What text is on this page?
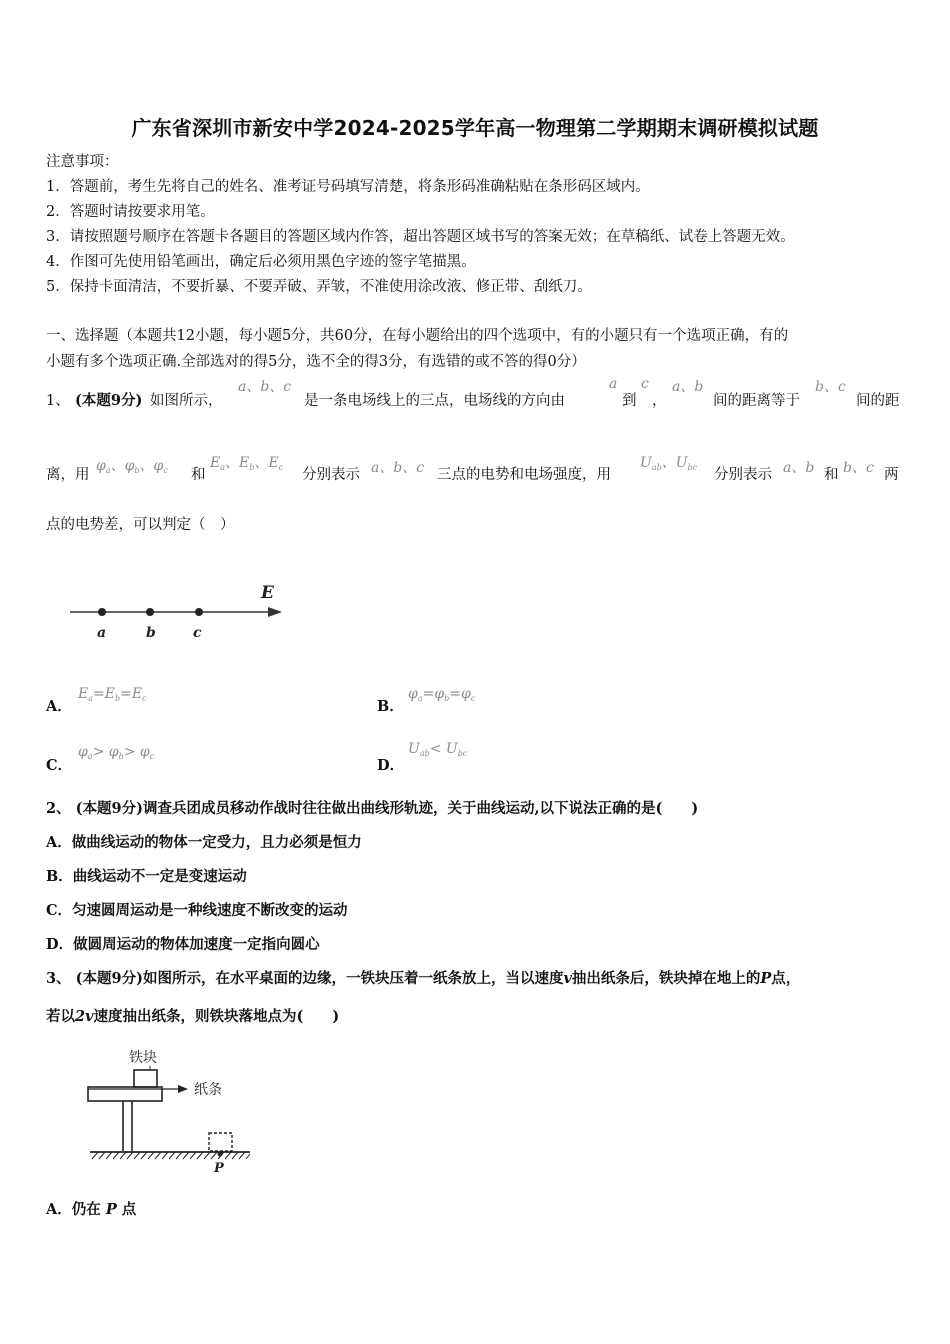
广东省深圳市新安中学2024-2025学年高一物理第二学期期末调研模拟试题
注意事项：
1．答题前，考生先将自己的姓名、准考证号码填写清楚，将条形码准确粘贴在条形码区域内。
2．答题时请按要求用笔。
3．请按照题号顺序在答题卡各题目的答题区域内作答，超出答题区域书写的答案无效；在草稿纸、试卷上答题无效。
4．作图可先使用铅笔画出，确定后必须用黑色字迹的签字笔描黑。
5．保持卡面清洁，不要折暴、不要弄破、弄皱，不准使用涂改液、修正带、刮纸刀。
一、选择题（本题共12小题，每小题5分，共60分，在每小题给出的四个选项中，有的小题只有一个选项正确，有的
小题有多个选项正确.全部选对的得5分，选不全的得3分，有选错的或不答的得0分）
1、 (本题9分) 如图所示，
a、b、c
是一条电场线上的三点，电场线的方向由
a
到
c
，
a、b
间的距离等于
b、c
间的距
离，用
$\varphi_a$、$\varphi_b$、$\varphi_c$ 和
$E_a$、$E_b$、$E_c$ 分别表示 a、b、c 三点的电势和电场强度，用
$U_{ab}$、$U_{bc}$ 分别表示 a、b 和 b、c 两
点的电势差，可以判定（　）
E
a	b	c
A．
$E_a=E_b=E_c$	B．
$\varphi_a=\varphi_b=\varphi_c$
C．
$\varphi_a> \varphi_b> \varphi_c$
D．
$U_{ab}< U_{bc}$
2、 (本题9分)调查兵团成员移动作战时往往做出曲线形轨迹，关于曲线运动,以下说法正确的是(　　)
A．做曲线运动的物体一定受力，且力必须是恒力
B．曲线运动不一定是变速运动
C．匀速圆周运动是一种线速度不断改变的运动
D．做圆周运动的物体加速度一定指向圆心
3、 (本题9分)如图所示，在水平桌面的边缘，一铁块压着一纸条放上，当以速度v抽出纸条后，铁块掉在地上的P点，
若以2v速度抽出纸条，则铁块落地点为(　　)
铁块
纸条
P
A．仍在 P 点
